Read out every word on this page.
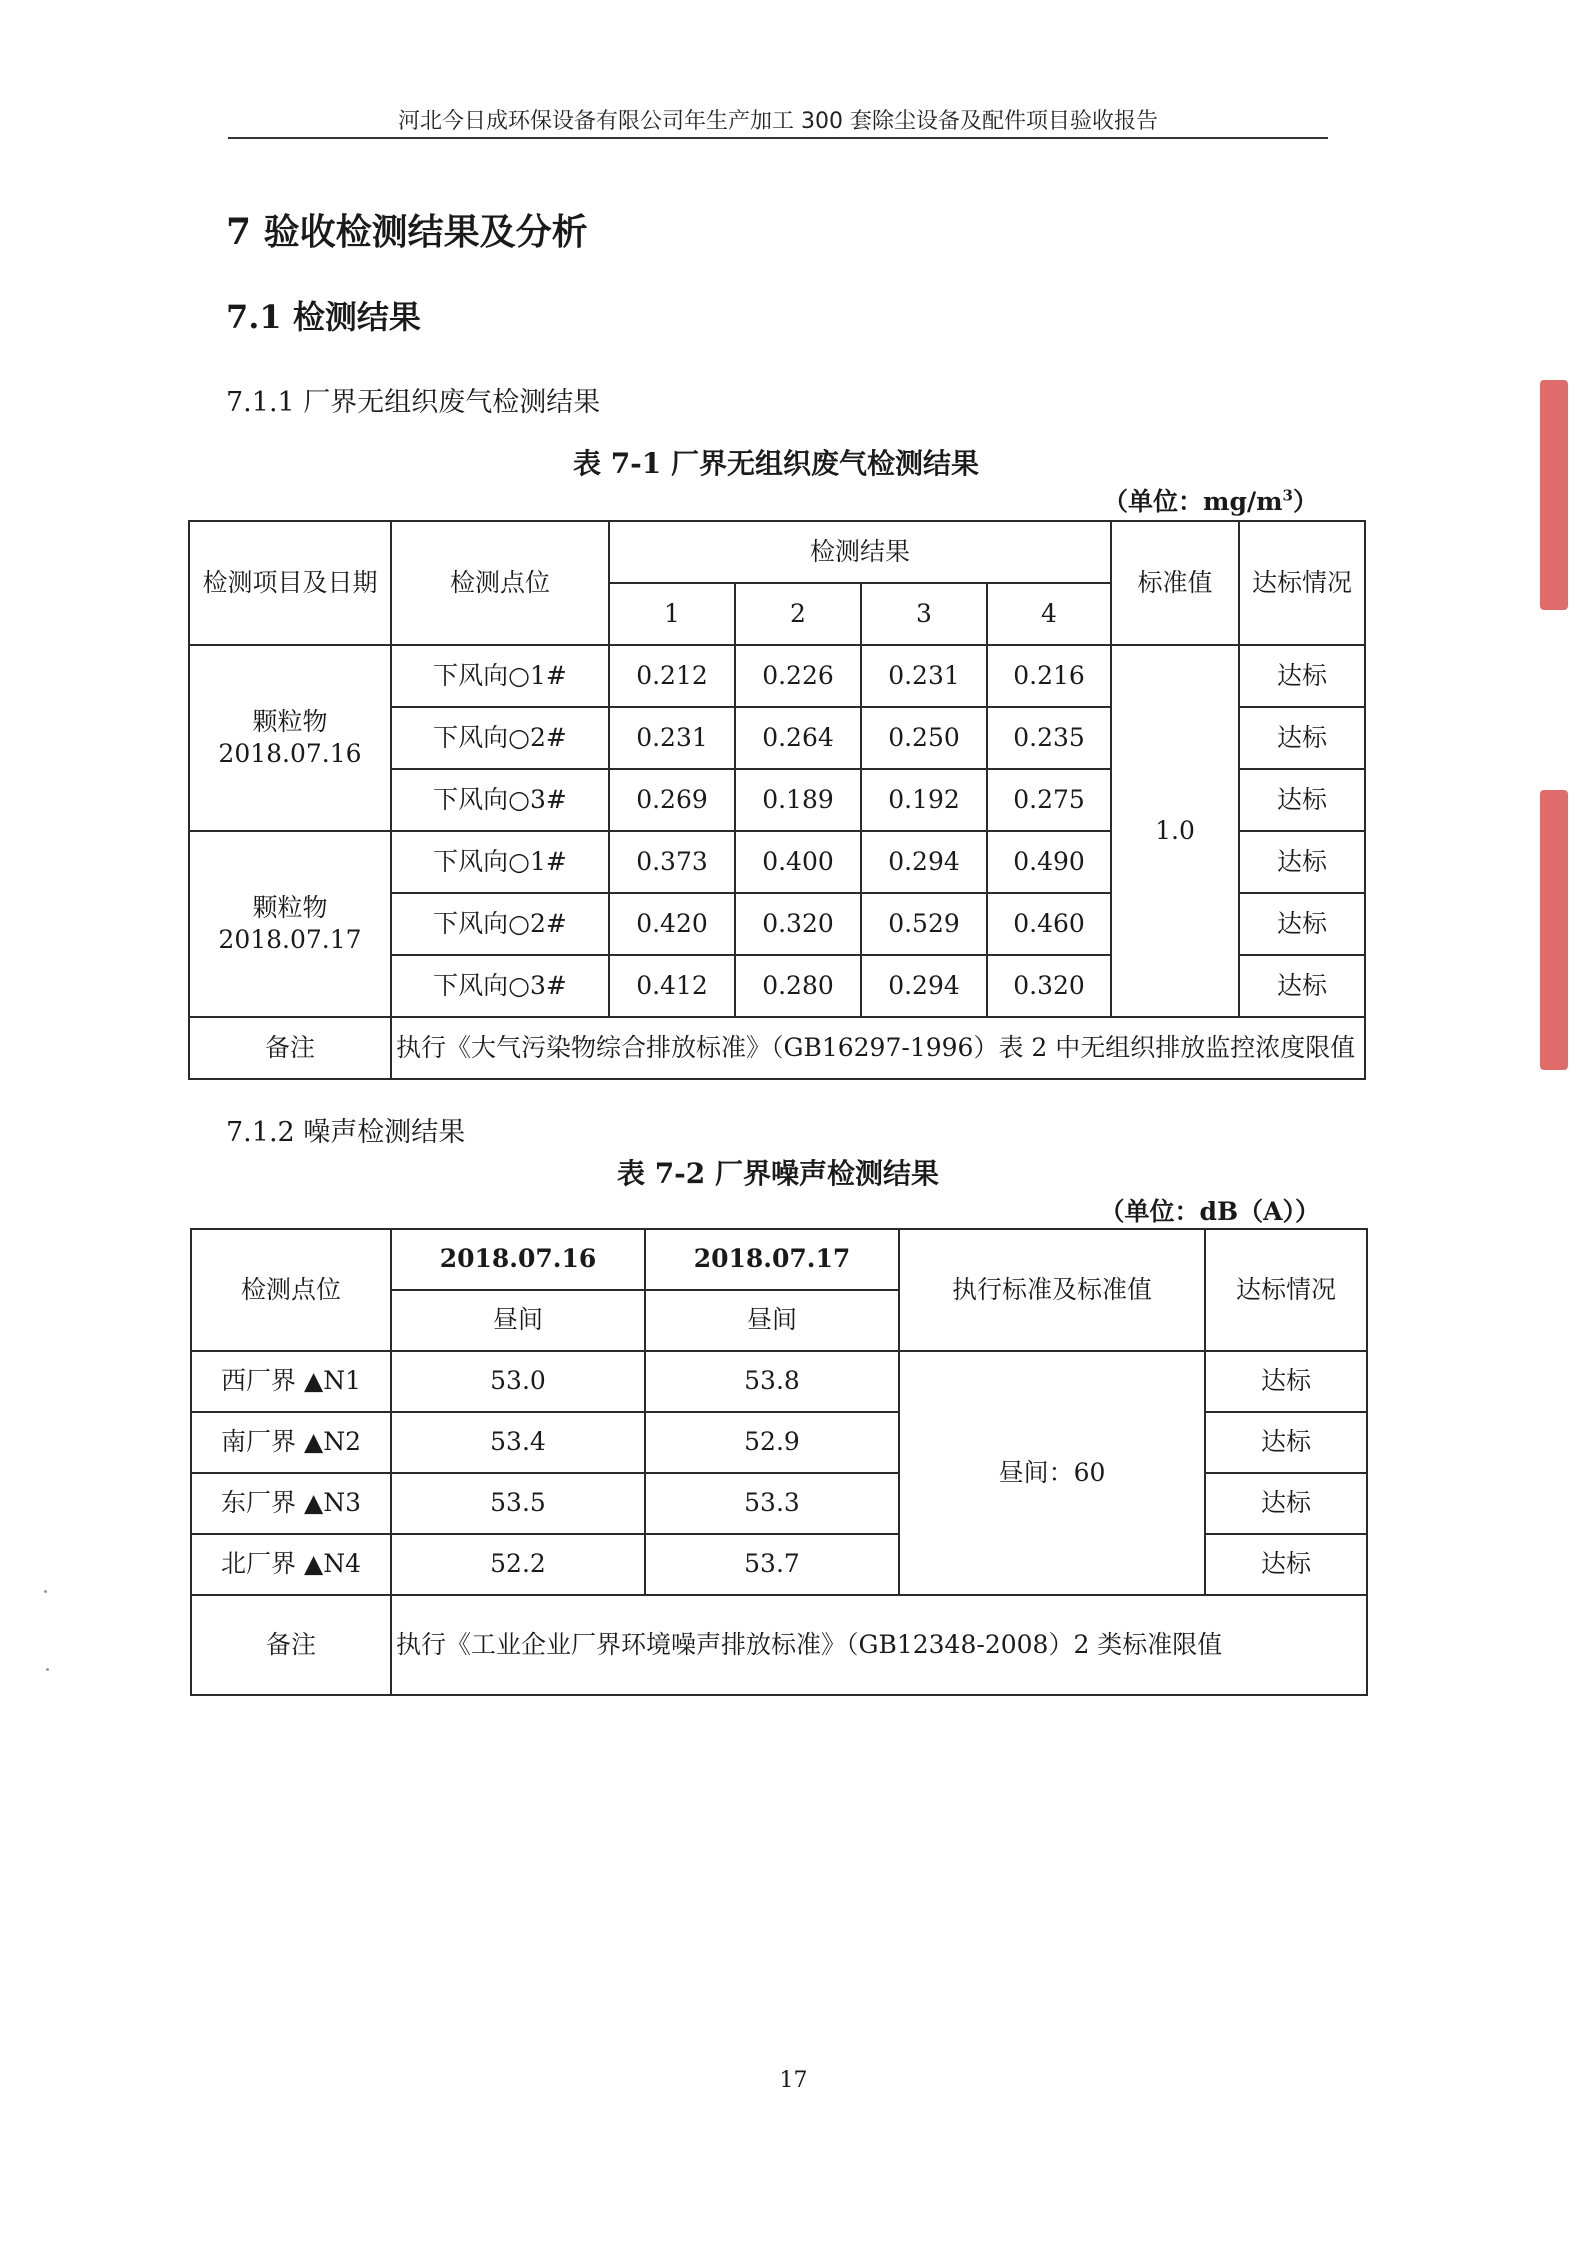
河北今日成环保设备有限公司年生产加工 300 套除尘设备及配件项目验收报告
7 验收检测结果及分析
7.1 检测结果
7.1.1 厂界无组织废气检测结果
表 7-1 厂界无组织废气检测结果
（单位：$mg/m^3$）
检测项目及日期	检测点位	检测结果				标准值	达标情况
		1	2	3	4		
颗粒物
2018.07.16	下风向○1#	0.212	0.226	0.231	0.216	1.0	达标
	下风向○2#	0.231	0.264	0.250	0.235		达标
	下风向○3#	0.269	0.189	0.192	0.275		达标
颗粒物
2018.07.17	下风向○1#	0.373	0.400	0.294	0.490		达标
	下风向○2#	0.420	0.320	0.529	0.460		达标
	下风向○3#	0.412	0.280	0.294	0.320		达标
备注	执行《大气污染物综合排放标准》（GB16297-1996）表 2 中无组织排放监控浓度限值						
7.1.2 噪声检测结果
表 7-2 厂界噪声检测结果
（单位：dB（A））
检测点位	2018.07.16	2018.07.17	执行标准及标准值	达标情况
	昼间	昼间		
西厂界 ▲N1	53.0	53.8	昼间：60	达标
南厂界 ▲N2	53.4	52.9		达标
东厂界 ▲N3	53.5	53.3		达标
北厂界 ▲N4	52.2	53.7		达标
备注	执行《工业企业厂界环境噪声排放标准》（GB12348-2008）2 类标准限值			
17
